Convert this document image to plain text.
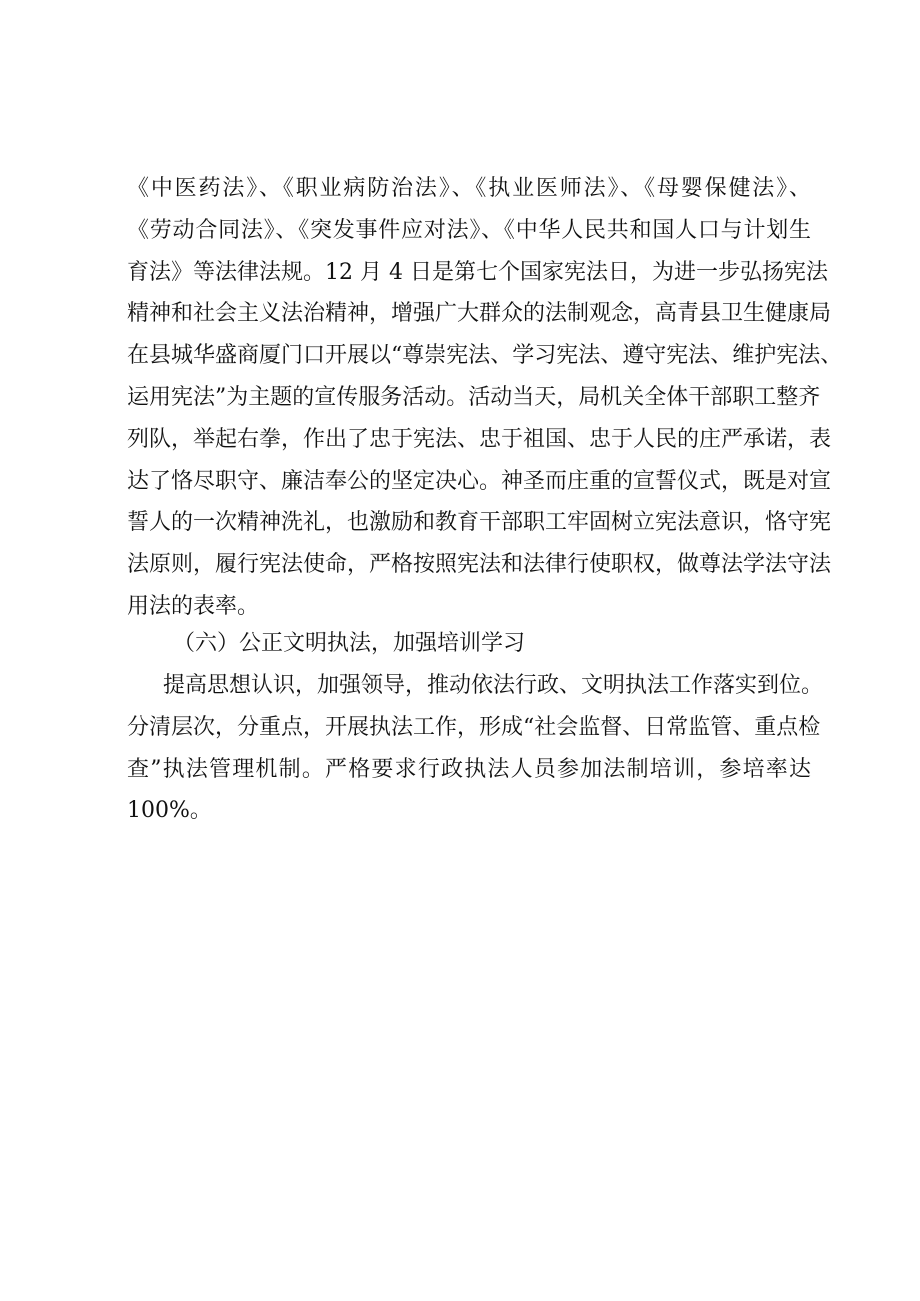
《中医药法》、《职业病防治法》、《执业医师法》、《母婴保健法》、
《劳动合同法》、《突发事件应对法》、《中华人民共和国人口与计划生
育法》等法律法规。12 月 4 日是第七个国家宪法日，为进一步弘扬宪法
精神和社会主义法治精神，增强广大群众的法制观念，高青县卫生健康局
在县城华盛商厦门口开展以“尊崇宪法、学习宪法、遵守宪法、维护宪法、
运用宪法”为主题的宣传服务活动。活动当天，局机关全体干部职工整齐
列队，举起右拳，作出了忠于宪法、忠于祖国、忠于人民的庄严承诺，表
达了恪尽职守、廉洁奉公的坚定决心。神圣而庄重的宣誓仪式，既是对宣
誓人的一次精神洗礼，也激励和教育干部职工牢固树立宪法意识，恪守宪
法原则，履行宪法使命，严格按照宪法和法律行使职权，做尊法学法守法
用法的表率。
（六）公正文明执法，加强培训学习
提高思想认识，加强领导，推动依法行政、文明执法工作落实到位。
分清层次，分重点，开展执法工作，形成“社会监督、日常监管、重点检
查”执法管理机制。严格要求行政执法人员参加法制培训，参培率达
100%。
